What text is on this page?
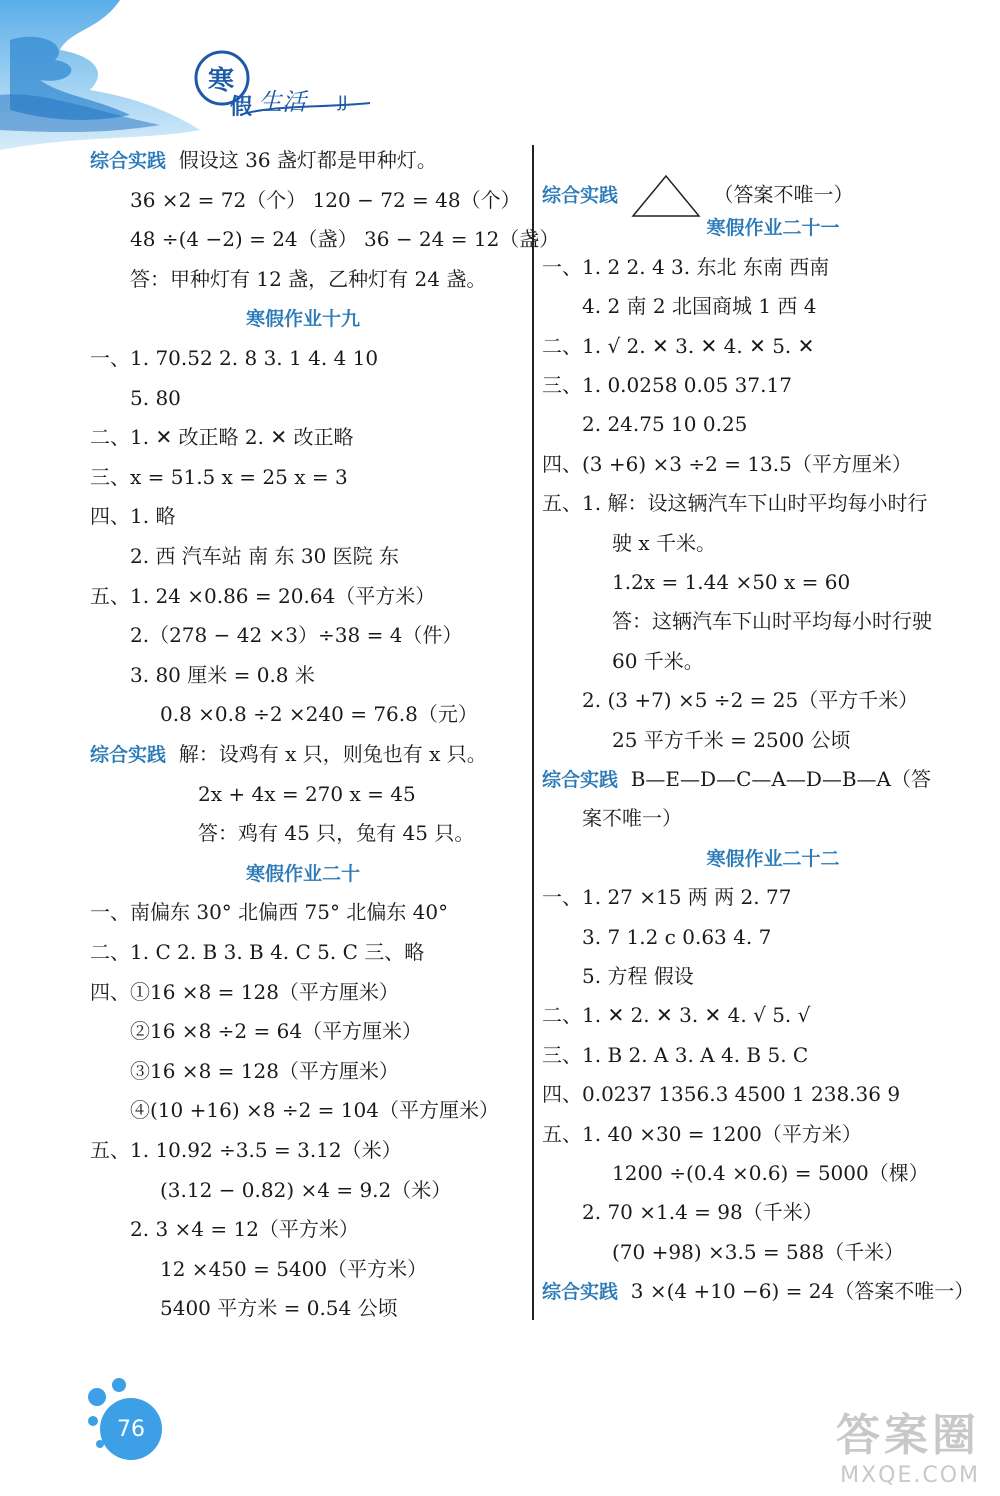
寒
假 生活 JJ
综合实践 假设这 36 盏灯都是甲种灯。
36 ×2 = 72（个） 120 − 72 = 48（个）
48 ÷(4 −2) = 24（盏） 36 − 24 = 12（盏）
答：甲种灯有 12 盏，乙种灯有 24 盏。
寒假作业十九
一、1. 70.52 2. 8 3. 1 4. 4 10
5. 80
二、1. ✕ 改正略 2. ✕ 改正略
三、x = 51.5 x = 25 x = 3
四、1. 略
2. 西 汽车站 南 东 30 医院 东
五、1. 24 ×0.86 = 20.64（平方米）
2.（278 − 42 ×3）÷38 = 4（件）
3. 80 厘米 = 0.8 米
0.8 ×0.8 ÷2 ×240 = 76.8（元）
综合实践 解：设鸡有 x 只，则兔也有 x 只。
2x + 4x = 270 x = 45
答：鸡有 45 只，兔有 45 只。
寒假作业二十
一、南偏东 30° 北偏西 75° 北偏东 40°
二、1. C 2. B 3. B 4. C 5. C 三、略
四、①16 ×8 = 128（平方厘米）
②16 ×8 ÷2 = 64（平方厘米）
③16 ×8 = 128（平方厘米）
④(10 +16) ×8 ÷2 = 104（平方厘米）
五、1. 10.92 ÷3.5 = 3.12（米）
(3.12 − 0.82) ×4 = 9.2（米）
2. 3 ×4 = 12（平方米）
12 ×450 = 5400（平方米）
5400 平方米 = 0.54 公顷
综合实践	（答案不唯一）
寒假作业二十一
一、1. 2 2. 4 3. 东北 东南 西南
4. 2 南 2 北国商城 1 西 4
二、1. √ 2. ✕ 3. ✕ 4. ✕ 5. ✕
三、1. 0.0258 0.05 37.17
2. 24.75 10 0.25
四、(3 +6) ×3 ÷2 = 13.5（平方厘米）
五、1. 解：设这辆汽车下山时平均每小时行
驶 x 千米。
1.2x = 1.44 ×50 x = 60
答：这辆汽车下山时平均每小时行驶
60 千米。
2. (3 +7) ×5 ÷2 = 25（平方千米）
25 平方千米 = 2500 公顷
综合实践 B—E—D—C—A—D—B—A（答
案不唯一）
寒假作业二十二
一、1. 27 ×15 两 两 2. 77
3. 7 1.2 c 0.63 4. 7
5. 方程 假设
二、1. ✕ 2. ✕ 3. ✕ 4. √ 5. √
三、1. B 2. A 3. A 4. B 5. C
四、0.0237 1356.3 4500 1 238.36 9
五、1. 40 ×30 = 1200（平方米）
1200 ÷(0.4 ×0.6) = 5000（棵）
2. 70 ×1.4 = 98（千米）
(70 +98) ×3.5 = 588（千米）
综合实践 3 ×(4 +10 −6) = 24（答案不唯一）
76	答案圈
MXQE.COM
